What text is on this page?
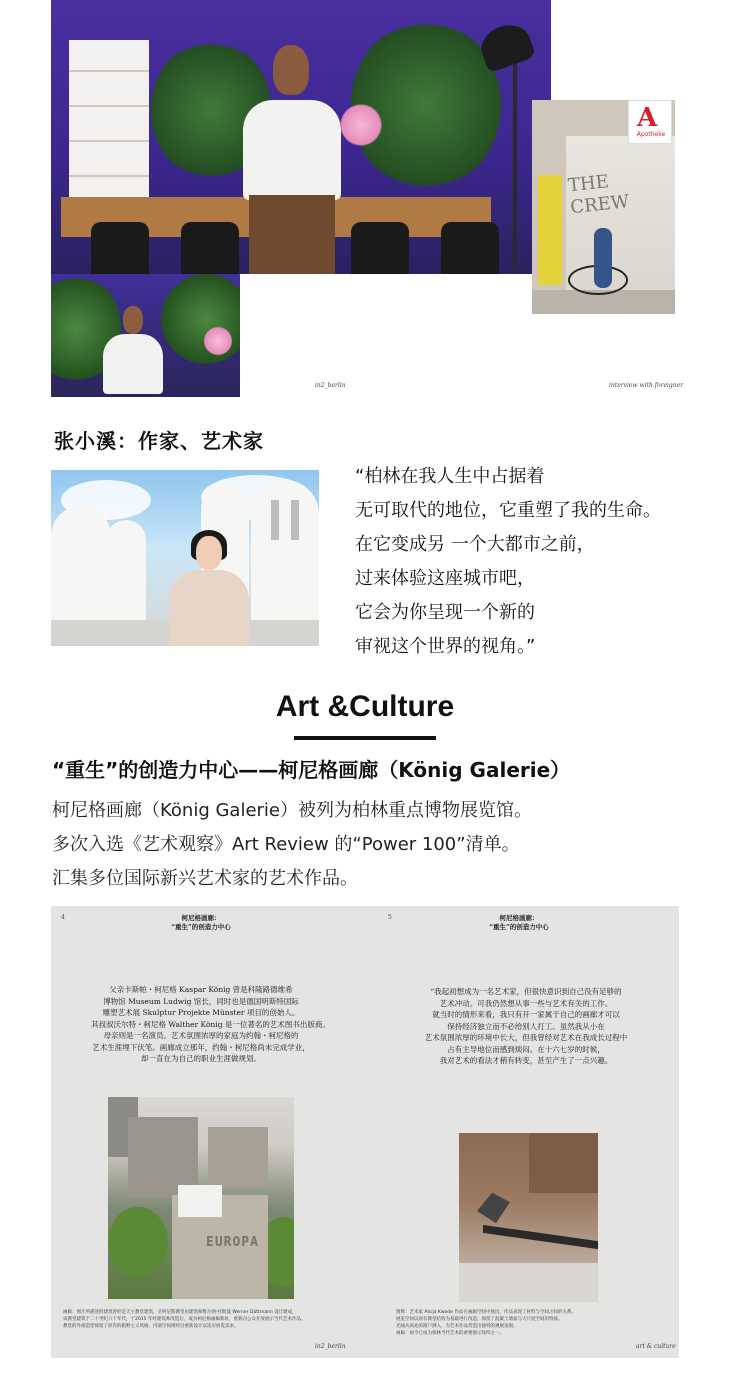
THE CREW
A
Apotheke
in2_berlin	interview with foreigner
张小溪：作家、艺术家

“柏林在我人生中占据着

无可取代的地位，它重塑了我的生命。

在它变成另 一个大都市之前，

过来体验这座城市吧，

它会为你呈现一个新的

审视这个世界的视角。”

Art &Culture
“重生”的创造力中心——柯尼格画廊（König Galerie）
柯尼格画廊（König Galerie）被列为柏林重点博物展览馆。
多次入选《艺术观察》Art Review 的“Power 100”清单。
汇集多位国际新兴艺术家的艺术作品。
4	柯尼格画廊：
“重生”的创造力中心
父亲卡斯帕・柯尼格 Kaspar König 曾是科隆路德维希
博物馆 Museum Ludwig 馆长，同时也是德国明斯特国际
雕塑艺术展 Skulptur Projekte Münster 项目的创始人。
其叔叔沃尔特・柯尼格 Walther König 是一位著名的艺术图书出版商。
母亲则是一名演员。艺术氛围浓厚的家庭为约翰・柯尼格的
艺术生涯埋下伏笔。画廊成立那年，约翰・柯尼格尚未完成学业，
却一直在为自己的职业生涯做规划。
EUROPA
画廊：图片所描述的建筑曾经是天主教堂建筑，圣阿尼斯教堂由建筑师维尔纳·杜斯曼 Werner Düttmann 设计建成，
该教堂建筑于二十世纪六十年代，于2015 年经建筑师改造后，成为柯尼格画廊新址，重新向公众开放展示当代艺术作品。
教堂的外部造型保留了原有的粗野主义风格，内部空间则经过重新设计以适应展览需求。
in2_berlin
5	柯尼格画廊：
“重生”的创造力中心
“我起初想成为一名艺术家，但很快意识到自己没有足够的
艺术冲动。可我仍然想从事一些与艺术有关的工作。
就当时的情形来看，我只有开一家属于自己的画廊才可以
保持经济独立而不必给别人打工。虽然我从小在
艺术氛围浓厚的环境中长大，但我曾经对艺术在我成长过程中
占有主导地位而感到烦闷。在十六七岁的时候，
我对艺术的看法才稍有转变，甚至产生了一点兴趣。
图释：艺术家 Alicja Kwade 作品在画廊空间中展出，作品表现了材料与空间之间的关系。
展览空间以原有教堂结构为基础进行改造，保留了混凝土墙面与大尺度空间的特质。
光线从高处的窗户洒入，为艺术作品营造出独特的观展氛围。
画廊：如今已成为柏林当代艺术的重要展示场所之一。
art & culture
